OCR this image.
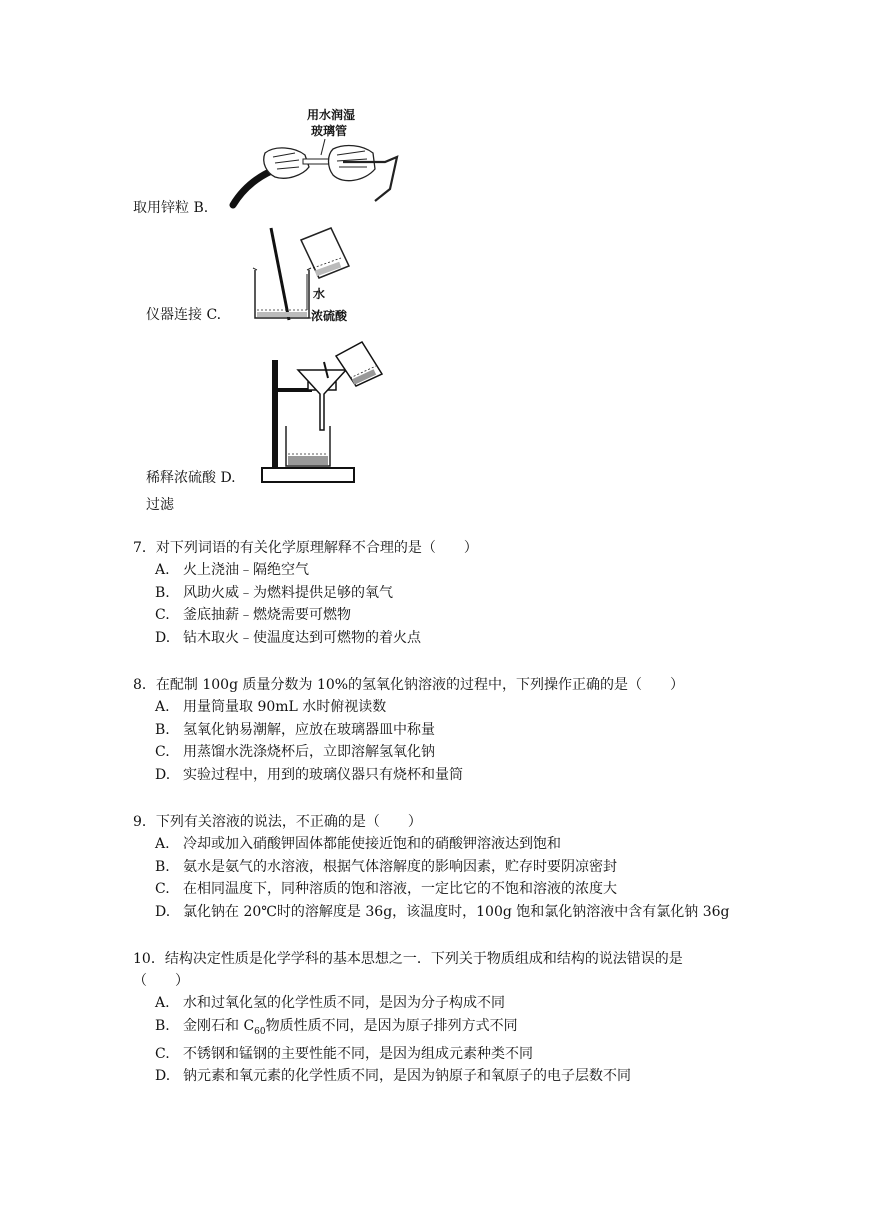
用水润湿
玻璃管
取用锌粒 B.
水
浓硫酸
仪器连接 C.
稀释浓硫酸 D.
过滤
7．对下列词语的有关化学原理解释不合理的是（　　）
A. 火上浇油﹣隔绝空气
B. 风助火威﹣为燃料提供足够的氧气
C. 釜底抽薪﹣燃烧需要可燃物
D. 钻木取火﹣使温度达到可燃物的着火点
8．在配制 100g 质量分数为 10%的氢氧化钠溶液的过程中，下列操作正确的是（　　）
A. 用量筒量取 90mL 水时俯视读数
B. 氢氧化钠易潮解，应放在玻璃器皿中称量
C. 用蒸馏水洗涤烧杯后，立即溶解氢氧化钠
D. 实验过程中，用到的玻璃仪器只有烧杯和量筒
9．下列有关溶液的说法，不正确的是（　　）
A. 冷却或加入硝酸钾固体都能使接近饱和的硝酸钾溶液达到饱和
B. 氨水是氨气的水溶液，根据气体溶解度的影响因素，贮存时要阴凉密封
C. 在相同温度下，同种溶质的饱和溶液，一定比它的不饱和溶液的浓度大
D. 氯化钠在 20℃时的溶解度是 36g，该温度时，100g 饱和氯化钠溶液中含有氯化钠 36g
10．结构决定性质是化学学科的基本思想之一．下列关于物质组成和结构的说法错误的是
（　　）
A. 水和过氧化氢的化学性质不同，是因为分子构成不同
B. 金刚石和 $C_{60}$物质性质不同，是因为原子排列方式不同
C. 不锈钢和锰钢的主要性能不同，是因为组成元素种类不同
D. 钠元素和氧元素的化学性质不同，是因为钠原子和氧原子的电子层数不同
